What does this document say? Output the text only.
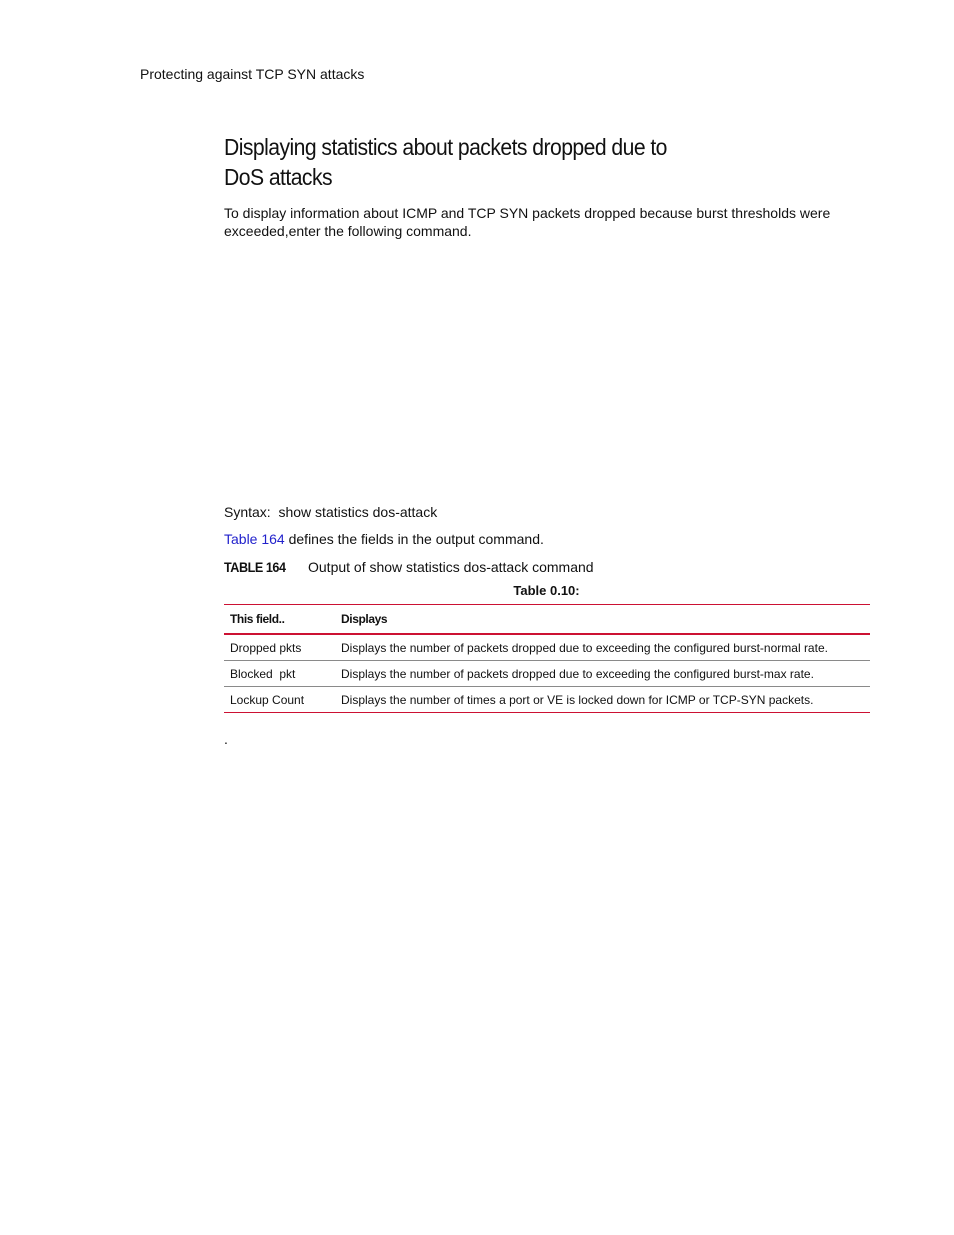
Protecting against TCP SYN attacks
Displaying statistics about packets dropped due to
DoS attacks

To display information about ICMP and TCP SYN packets dropped because burst thresholds were exceeded,enter the following command.

Syntax: show statistics dos-attack
Table 164 defines the fields in the output command.
TABLE 164 Output of show statistics dos-attack command
Table 0.10:
This field..	Displays
Dropped pkts	Displays the number of packets dropped due to exceeding the configured burst-normal rate.
Blocked  pkt	Displays the number of packets dropped due to exceeding the configured burst-max rate.
Lockup Count	Displays the number of times a port or VE is locked down for ICMP or TCP-SYN packets.
.
